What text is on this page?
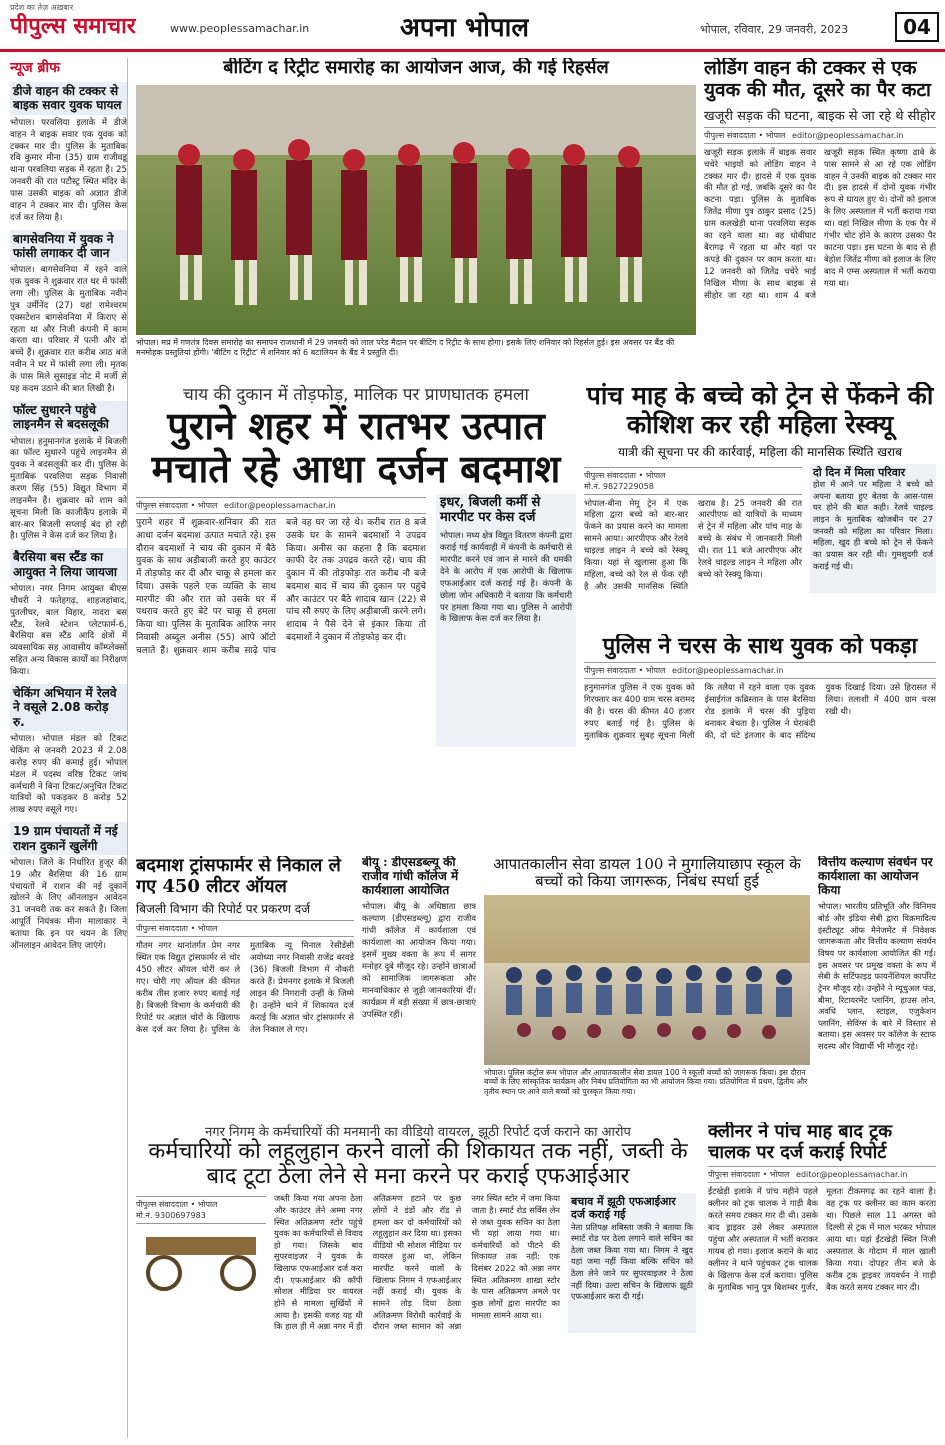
प्रदेश का तेज़ अख़बार
पीपुल्स समाचार	www.peoplessamachar.in	अपना भोपाल	भोपाल, रविवार, 29 जनवरी, 2023	04
न्यूज ब्रीफ
डीजे वाहन की टक्कर से बाइक सवार युवक घायल
भोपाल। परवलिया इलाके में डीजे वाहन ने बाइक सवार एक युवक को टक्कर मार दी। पुलिस के मुताबिक रवि कुमार मीना (35) ग्राम राजीवडू थाना परवलिया सड़क में रहता है। 25 जनवरी की रात पटौस्ट्र स्थित मंदिर के पास उसकी बाइक को अज्ञात डीजे वाहन ने टक्कर मार दी। पुलिस केस दर्ज कर लिया है।
बागसेवनिया में युवक ने फांसी लगाकर दी जान
भोपाल। बागसेवनिया में रहने वाले एक युवक ने शुक्रवार रात घर में फांसी लगा ली। पुलिस के मुताबिक नवीन पुत्र उर्मीनेंद (27) यहां रामेश्वरम एक्सटेंशन बागसेवनिया में किराए से रहता था और निजी कंपनी में काम करता था। परिवार में पत्नी और दो बच्चे हैं। शुक्रवार रात करीब आठ बजे नवीन ने घर में फांसी लगा ली। मृतक के पास मिले सुसाइड नोट में मर्जी से यह कदम उठाने की बात लिखी है।
फॉल्ट सुधारने पहुंचे लाइनमैन से बदसलूकी
भोपाल। हनुमानगंज इलाके में बिजली का फॉल्ट सुधारने पहुंचे लाइनमैन से युवक ने बदसलूकी कर दी। पुलिस के मुताबिक परवलिया सड़क निवासी करण सिंह (55) विद्युत विभाग में लाइनमैन हैं। शुक्रवार को शाम को सूचना मिली कि काजीकैंप इलाके में बार-बार बिजली सप्लाई बंद हो रही है। पुलिस ने केस दर्ज कर लिया है।
बैरसिया बस स्टैंड का आयुक्त ने लिया जायजा
भोपाल। नगर निगम आयुक्त बीएस चौधरी ने फतेहगढ़, शाहजहांबाद, पुतलीघर, बाल विहार, नादरा बस स्टैंड, रेलवे स्टेशन प्लेटफार्म-6, बैरसिया बस स्टैंड आदि क्षेत्रों में व्यवसायिक सह आवासीय कॉम्प्लेक्सों सहित अन्य विकास कार्यों का निरीक्षण किया।
चेकिंग अभियान में रेलवे ने वसूले 2.08 करोड़ रु.
भोपाल। भोपाल मंडल को टिकट चेकिंग से जनवरी 2023 में 2.08 करोड़ रुपए की कमाई हुई। भोपाल मंडल में पदस्थ वरिष्ठ टिकट जांच कर्मचारी ने बिना टिकट/अनुचित टिकट यात्रियों को पकड़कर 8 करोड़ 52 लाख रुपए वसूले गए।
19 ग्राम पंचायतों में नई राशन दुकानें खुलेंगी
भोपाल। जिले के निर्धारित हुजूर की 19 और बैरसिया की 16 ग्राम पंचायतों में राशन की नई दुकानें खोलने के लिए ऑनलाइन आवेदन 31 जनवरी तक कर सकते हैं। जिला आपूर्ति नियंत्रक मीना मालाकार ने बताया कि इन पर चयन के लिए ऑनलाइन आवेदन लिए जाएंगे।
बीटिंग द रिट्रीट समारोह का आयोजन आज, की गई रिहर्सल
भोपाल। मप्र में गणतंत्र दिवस समारोह का समापन राजधानी में 29 जनवरी को लाल परेड मैदान पर बीटिंग द रिट्रीट के साथ होगा। इसके लिए शनिवार को रिहर्सल हुई। इस अवसर पर बैंड की मनमोहक प्रस्तुतियां होंगी। 'बीटिंग द रिट्रीट' में शनिवार को 6 बटालियन के बैंड ने प्रस्तुति दी।
लोडिंग वाहन की टक्कर से एक युवक की मौत, दूसरे का पैर कटा
खजूरी सड़क की घटना, बाइक से जा रहे थे सीहोर
पीपुल्स संवाददाता • भोपाल editor@peoplessamachar.in
खजूरी सड़क इलाके में बाइक सवार चचेरे भाइयों को लोडिंग वाहन ने टक्कर मार दी। हादसे में एक युवक की मौत हो गई, जबकि दूसरे का पैर कटना पड़ा। पुलिस के मुताबिक जितेंद्र मीणा पुत्र ठाकुर प्रसाद (25) ग्राम कलखेड़ी थाना परवलिया सड़क का रहने वाला था। वह धोबीघाट बैरागढ़ में रहता था और यहां पर कपड़े की दुकान पर काम करता था। 12 जनवरी को जितेंद्र चचेरे भाई निखिल मीणा के साथ बाइक से सीहोर जा रहा था। शाम 4 बजे खजूरी सड़क स्थित कृष्णा ढाबे के पास सामने से आ रहे एक लोडिंग वाहन ने उनकी बाइक को टक्कर मार दी। इस हादसे में दोनों युवक गंभीर रूप से घायल हुए थे। दोनों को इलाज के लिए अस्पताल में भर्ती कराया गया था। वहां निखिल मीणा के एक पैर में गंभीर चोट होने के कारण उसका पैर काटना पड़ा। इस घटना के बाद से ही बेहोश जितेंद्र मीणा को इलाज के लिए बाद में एम्स अस्पताल में भर्ती कराया गया था।
चाय की दुकान में तोड़फोड़, मालिक पर प्राणघातक हमला
पुराने शहर में रातभर उत्पात मचाते रहे आधा दर्जन बदमाश
पीपुल्स संवाददाता • भोपाल editor@peoplessamachar.in
पुराने शहर में शुक्रवार-शनिवार की रात आधा दर्जन बदमाश उत्पात मचाते रहे। इस दौरान बदमाशों ने चाय की दुकान में बैठे युवक के साथ अड़ीबाजी करते हुए काउंटर में तोड़फोड़ कर दी और चाकू से हमला कर दिया। उसके पहले एक व्यक्ति के साथ मारपीट की और रात को उसके घर में पथराव करते हुए बेटे पर चाकू से हमला किया था। पुलिस के मुताबिक आरिफ नगर निवासी अब्दुल अनीस (55) आपे ऑटो चलाते हैं। शुक्रवार शाम करीब साढ़े पांच बजे वह घर जा रहे थे। करीब रात 8 बजे उसके घर के सामने बदमाशों ने उपद्रव किया। अनीस का कहना है कि बदमाश काफी देर तक उपद्रव करते रहे। चाय की दुकान में की तोड़फोड़ः रात करीब नौ बजे बदमाश बाद में चाय की दुकान पर पहुंचे और काउंटर पर बैठे शादाब खान (22) से पांच सौ रुपए के लिए अड़ीबाजी करने लगे। शादाब ने पैसे देने से इंकार किया तो बदमाशों ने दुकान में तोड़फोड़ कर दी।
इधर, बिजली कर्मी से मारपीट पर केस दर्ज
भोपाल। मध्य क्षेत्र विद्युत वितरण कंपनी द्वारा कराई गई कार्यवाही में कंपनी के कर्मचारी से मारपीट करने एवं जान से मारने की धमकी देने के आरोप में एक आरोपी के खिलाफ एफआईआर दर्ज कराई गई है। कंपनी के छोला जोन अधिकारी ने बताया कि कर्मचारी पर हमला किया गया था। पुलिस ने आरोपी के खिलाफ केस दर्ज कर लिया है।
पांच माह के बच्चे को ट्रेन से फेंकने की कोशिश कर रही महिला रेस्क्यू
यात्री की सूचना पर की कार्रवाई, महिला की मानसिक स्थिति खराब
पीपुल्स संवाददाता • भोपाल
मो.नं. 9827229058
भोपाल-बीना मेमू ट्रेन में एक महिला द्वारा बच्चे को बार-बार फेंकने का प्रयास करने का मामला सामने आया। आरपीएफ और रेलवे चाइल्ड लाइन ने बच्चे को रेस्क्यू किया। यहां से खुलासा हुआ कि महिला, बच्चे को रेल से फेंक रही है और उसकी मानसिक स्थिति खराब है। 25 जनवरी की रात आरपीएफ को यात्रियों के माध्यम से ट्रेन में महिला और पांच माह के बच्चे के संबंध में जानकारी मिली थी। रात 11 बजे आरपीएफ और रेलवे चाइल्ड लाइन ने महिला और बच्चे को रेस्क्यू किया।
दो दिन में मिला परिवार
होश में आने पर महिला ने बच्चे को अपना बताया हुए बेतवा के आस-पास घर होने की बात कही। रेलवे चाइल्ड लाइन के मुताबिक खोजबीन पर 27 जनवरी को महिला का परिवार मिला। महिला, खुद ही बच्चे को ट्रेन से फेंकने का प्रयास कर रही थी। गुमशुदगी दर्ज कराई गई थी।
पुलिस ने चरस के साथ युवक को पकड़ा
पीपुल्स संवाददाता • भोपाल editor@peoplessamachar.in
हनुमानगंज पुलिस ने एक युवक को गिरफ्तार कर 400 ग्राम चरस बरामद की है। चरस की कीमत 40 हजार रुपए बताई गई है। पुलिस के मुताबिक शुक्रवार सुबह सूचना मिली कि तलैया में रहने वाला एक युवक ईसाईगंज कब्रिस्तान के पास बैरसिया रोड इलाके में चरस की पुड़िया बनाकर बेचता है। पुलिस ने घेराबंदी की, दो घंटे इंतजार के बाद संदिग्ध युवक दिखाई दिया। उसे हिरासत में लिया। तलाशी में 400 ग्राम चरस रखी थी।
बदमाश ट्रांसफार्मर से निकाल ले गए 450 लीटर ऑयल
बिजली विभाग की रिपोर्ट पर प्रकरण दर्ज
पीपुल्स संवाददाता • भोपाल
गौतम नगर थानांतर्गत प्रेम नगर स्थित एक विद्युत ट्रांसफार्मर से चोर 450 लीटर ऑयल चोरी कर ले गए। चोरी गए ऑयल की कीमत करीब तीस हजार रुपए बताई गई है। बिजली विभाग के कर्मचारी की रिपोर्ट पर अज्ञात चोरों के खिलाफ केस दर्ज कर लिया है। पुलिस के मुताबिक न्यू मिनाल रेसीडेंसी अयोध्या नगर निवासी राजेंद्र बरवडे (36) बिजली विभाग में नौकरी करते हैं। प्रेमनगर इलाके में बिजली लाइन की निगरानी उन्हीं के जिम्मे है। उन्होंने थाने में शिकायत दर्ज कराई कि अज्ञात चोर ट्रांसफार्मर से तेल निकाल ले गए।
बीयू : डीएसडब्ल्यू की राजीव गांधी कॉलेज में कार्यशाला आयोजित
भोपाल। बीयू के अधिष्ठाता छात्र कल्याण (डीएसडब्ल्यू) द्वारा राजीव गांधी कॉलेज में कार्यशाला एवं कार्यशाला का आयोजन किया गया। इसमें मुख्य वक्ता के रूप में सागर मनोहर दुबे मौजूद रहे। उन्होंने छात्राओं को सामाजिक जागरूकता और मानवाधिकार से जुड़ी जानकारियां दीं। कार्यक्रम में बड़ी संख्या में छात्र-छात्राएं उपस्थित रहीं।
आपातकालीन सेवा डायल 100 ने मुगालियाछाप स्कूल के बच्चों को किया जागरूक, निबंध स्पर्धा हुई
भोपाल। पुलिस कंट्रोल रूम भोपाल और आपातकालीन सेवा डायल 100 ने स्कूली बच्चों को जागरूक किया। इस दौरान बच्चों के लिए सांस्कृतिक कार्यक्रम और निबंध प्रतियोगिता का भी आयोजन किया गया। प्रतियोगिता में प्रथम, द्वितीय और तृतीय स्थान पर आने वाले बच्चों को पुरस्कृत किया गया।
वित्तीय कल्याण संवर्धन पर कार्यशाला का आयोजन किया
भोपाल। भारतीय प्रतिभूति और विनिमय बोर्ड और इंडिया सेबी द्वारा विक्रमादित्य इंस्टीट्यूट ऑफ मैनेजमेंट में निवेशक जागरूकता और वित्तीय कल्याण संवर्धन विषय पर कार्यशाला आयोजित की गई। इस अवसर पर प्रमुख वक्ता के रूप में सेबी के सर्टिफाइड फायनेंशियल कार्पोरेट ट्रेनर मौजूद रहे। उन्होंने ने म्यूचुअल फंड, बीमा, रिटायरमेंट प्लानिंग, हाउस लोन, अवधि प्लान, स्टाइल, एजुकेशन प्लानिंग, सेविंग्स के बारे में विस्तार से बताया। इस अवसर पर कॉलेज के स्टाफ सदस्य और विद्यार्थी भी मौजूद रहे।
नगर निगम के कर्मचारियों की मनमानी का वीडियो वायरल, झूठी रिपोर्ट दर्ज कराने का आरोप
कर्मचारियों को लहूलुहान करने वालों की शिकायत तक नहीं, जब्ती के बाद टूटा ठेला लेने से मना करने पर कराई एफआईआर
पीपुल्स संवाददाता • भोपाल
मो.नं. 9300697983
जब्ती किया गया अपना ठेला और काउंटर लेने अम्मा नगर स्थित अतिक्रमण स्टोर पहुंचे युवक का कर्मचारियों से विवाद हो गया। जिसके बाद सुपरवाइजर ने युवक के खिलाफ एफआईआर दर्ज करा दी। एफआईआर की कॉपी सोशल मीडिया पर वायरल होने से मामला सुर्खियों में आया है। इसकी वजह यह थी कि हाल ही में अन्ना नगर में ही अतिक्रमण हटाने पर कुछ लोगों ने डंडों और रॉड से हमला कर दो कर्मचारियों को लहूलुहान कर दिया था। इसका वीडियो भी सोशल मीडिया पर वायरल हुआ था, लेकिन मारपीट करने वालों के खिलाफ निगम ने एफआईआर नहीं कराई थी। युवक के सामने तोड़ दिया ठेलाः अतिक्रमण विरोधी कार्रवाई के दौरान जब्त सामान को अन्ना नगर स्थित स्टोर में जमा किया जाता है। स्मार्ट रोड सर्विस लेन से जब्त युवक सचिन का ठेला भी यहां लाया गया था। कर्मचारियों को पीटने की शिकायत तक नहीं: एक दिसंबर 2022 को अन्ना नगर स्थित अतिक्रमण शाखा स्टोर के पास अतिक्रमण अमले पर कुछ लोगों द्वारा मारपीट का मामला सामने आया था।
बचाव में झूठी एफआईआर दर्ज कराई गई
नेता प्रतिपक्ष शबिस्ता जकी ने बताया कि स्मार्ट रोड पर ठेला लगाने वाले सचिन का ठेला जब्त किया गया था। निगम ने खुद यहां जमा नहीं किया बल्कि सचिन को ठेला लेने जाने पर सुपरवाइजर ने ठेला नहीं दिया। उल्टा सचिन के खिलाफ झूठी एफआईआर करा दी गई।
क्लीनर ने पांच माह बाद ट्रक चालक पर दर्ज कराई रिपोर्ट
पीपुल्स संवाददाता • भोपाल editor@peoplessamachar.in
ईंटखेड़ी इलाके में पांच महीने पहले क्लीनर को ट्रक चालक ने गाड़ी बैक करते समय टक्कर मार दी थी। उसके बाद ड्राइवर उसे लेकर अस्पताल पहुंचा और अस्पताल में भर्ती कराकर गायब हो गया। इलाज कराने के बाद क्लीनर ने थाने पहुंचकर ट्रक चालक के खिलाफ केस दर्ज कराया। पुलिस के मुताबिक भानु पुत्र बिशम्बर गुर्जर, मूलतः टीकमगढ़ का रहने वाला है। वह ट्रक पर क्लीनर का काम करता था। पिछले साल 11 अगस्त को दिल्ली से ट्रक में माल भरकर भोपाल आया था। यहां ईंटखेड़ी स्थित निजी अस्पताल के गोदाम में माल खाली किया गया। दोपहर तीन बजे के करीब ट्रक ड्राइवर जयवर्धन ने गाड़ी बैक करते समय टक्कर मार दी।
